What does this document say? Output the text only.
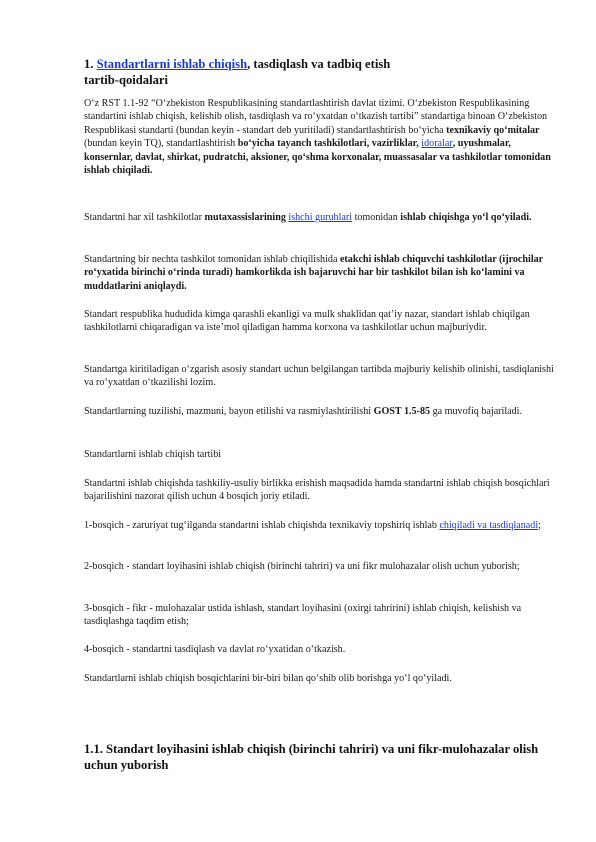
1. Standartlarni ishlab chiqish, tasdiqlash va tadbiq etish
tartib-qoidalari

O‘z RST 1.1-92 “O‘zbekiston Respublikasining standartlashtirish davlat tizimi. O‘zbekiston Respublikasining standartini ishlab chiqish, kelishib olish, tasdiqlash va ro‘yxatdan o‘tkazish tartibi” standartiga binoan O‘zbekiston Respublikasi standarti (bundan keyin - standart deb yuritiladi) standartlashtirish bo‘yicha texnikaviy qo‘mitalar (bundan keyin TQ), standartlashtirish bo‘yicha tayanch tashkilotlari, vazirliklar, idoralar, uyushmalar, konsernlar, davlat, shirkat, pudratchi, aksioner, qo‘shma korxonalar, muassasalar va tashkilotlar tomonidan ishlab chiqiladi.

Standartni har xil tashkilotlar mutaxassislarining ishchi guruhlari tomonidan ishlab chiqishga yo‘l qo‘yiladi.

Standartning bir nechta tashkilot tomonidan ishlab chiqilishida etakchi ishlab chiquvchi tashkilotlar (ijrochilar ro‘yxatida birinchi o‘rinda turadi) hamkorlikda ish bajaruvchi har bir tashkilot bilan ish ko‘lamini va muddatlarini aniqlaydi.

Standart respublika hududida kimga qarashli ekanligi va mulk shaklidan qat’iy nazar, standart ishlab chiqilgan tashkilotlarni chiqaradigan va iste’mol qiladigan hamma korxona va tashkilotlar uchun majburiydir.

Standartga kiritiladigan o‘zgarish asosiy standart uchun belgilangan tartibda majburiy kelishib olinishi, tasdiqlanishi va ro‘yxatdan o‘tkazilishi lozim.

Standartlarning tuzilishi, mazmuni, bayon etilishi va rasmiylashtirilishi GOST 1.5-85 ga muvofiq bajariladi.

Standartlarni ishlab chiqish tartibi

Standartni ishlab chiqishda tashkiliy-usuliy birlikka erishish maqsadida hamda standartni ishlab chiqish bosqichlari bajarilishini nazorat qilish uchun 4 bosqich joriy etiladi.

1-bosqich - zaruriyat tug‘ilganda standartni ishlab chiqishda texnikaviy topshiriq ishlab chiqiladi va tasdiqlanadi;

2-bosqich - standart loyihasini ishlab chiqish (birinchi tahriri) va uni fikr mulohazalar olish uchun yuborish;

3-bosqich - fikr - mulohazalar ustida ishlash, standart loyihasini (oxirgi tahririni) ishlab chiqish, kelishish va tasdiqlashga taqdim etish;

4-bosqich - standartni tasdiqlash va davlat ro‘yxatidan o‘tkazish.

Standartlarni ishlab chiqish bosqichlarini bir-biri bilan qo‘shib olib borishga yo‘l qo‘yiladi.

1.1. Standart loyihasini ishlab chiqish (birinchi tahriri) va uni fikr-mulohazalar olish uchun yuborish
